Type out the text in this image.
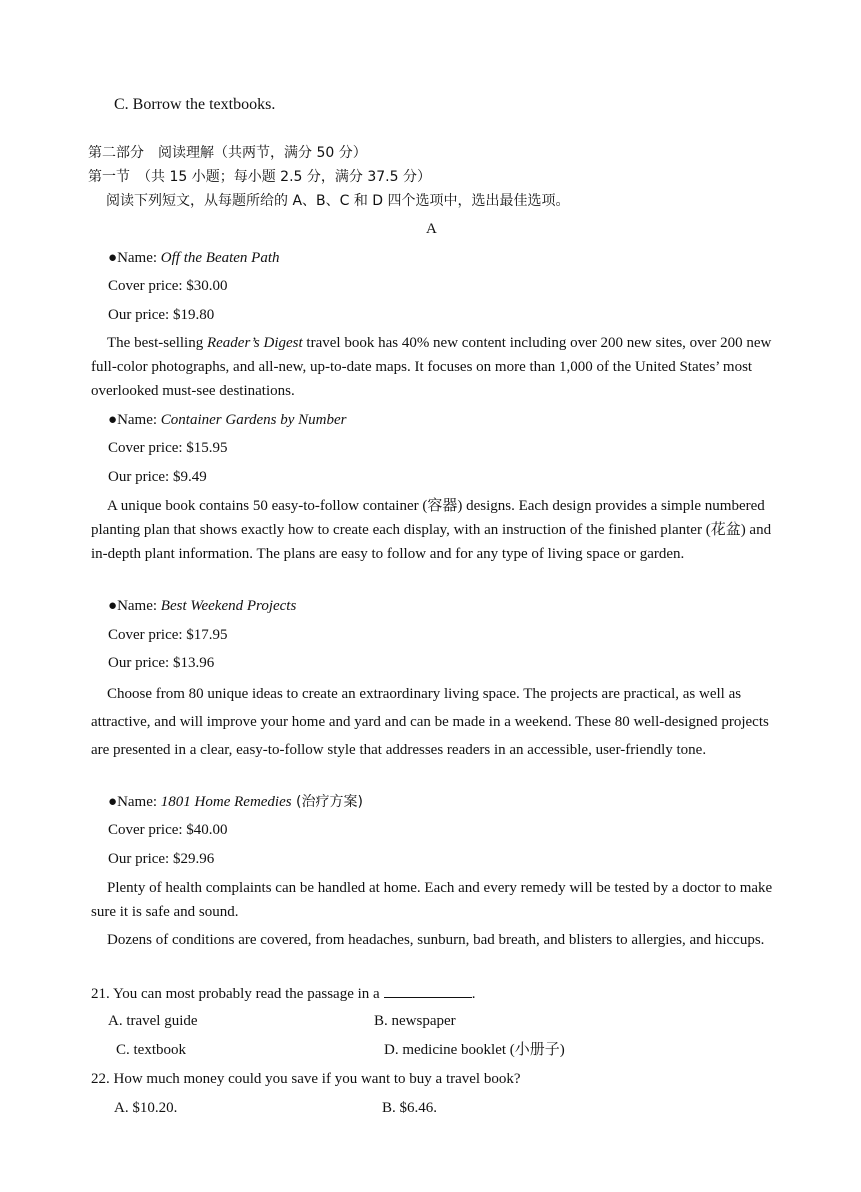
C. Borrow the textbooks.
第二部分　阅读理解（共两节，满分 50 分）
第一节　（共 15 小题；每小题 2.5 分，满分 37.5 分）
阅读下列短文，从每题所给的 A、B、C 和 D 四个选项中，选出最佳选项。
A
●Name: Off the Beaten Path
Cover price: $30.00
Our price: $19.80
The best-selling Reader’s Digest travel book has 40% new content including over 200 new sites, over 200 new full-color photographs, and all-new, up-to-date maps. It focuses on more than 1,000 of the United States’ most overlooked must-see destinations.
●Name: Container Gardens by Number
Cover price: $15.95
Our price: $9.49
A unique book contains 50 easy-to-follow container (容器) designs. Each design provides a simple numbered planting plan that shows exactly how to create each display, with an instruction of the finished planter (花盆) and in-depth plant information. The plans are easy to follow and for any type of living space or garden.
●Name: Best Weekend Projects
Cover price: $17.95
Our price: $13.96
Choose from 80 unique ideas to create an extraordinary living space. The projects are practical, as well as attractive, and will improve your home and yard and can be made in a weekend. These 80 well-designed projects are presented in a clear, easy-to-follow style that addresses readers in an accessible, user-friendly tone.
●Name: 1801 Home Remedies (治疗方案)
Cover price: $40.00
Our price: $29.96
Plenty of health complaints can be handled at home. Each and every remedy will be tested by a doctor to make sure it is safe and sound.
Dozens of conditions are covered, from headaches, sunburn, bad breath, and blisters to allergies, and hiccups.
21. You can most probably read the passage in a	.
A. travel guide	B. newspaper
C. textbook	D. medicine booklet (小册子)
22. How much money could you save if you want to buy a travel book?
A. $10.20.	B. $6.46.
